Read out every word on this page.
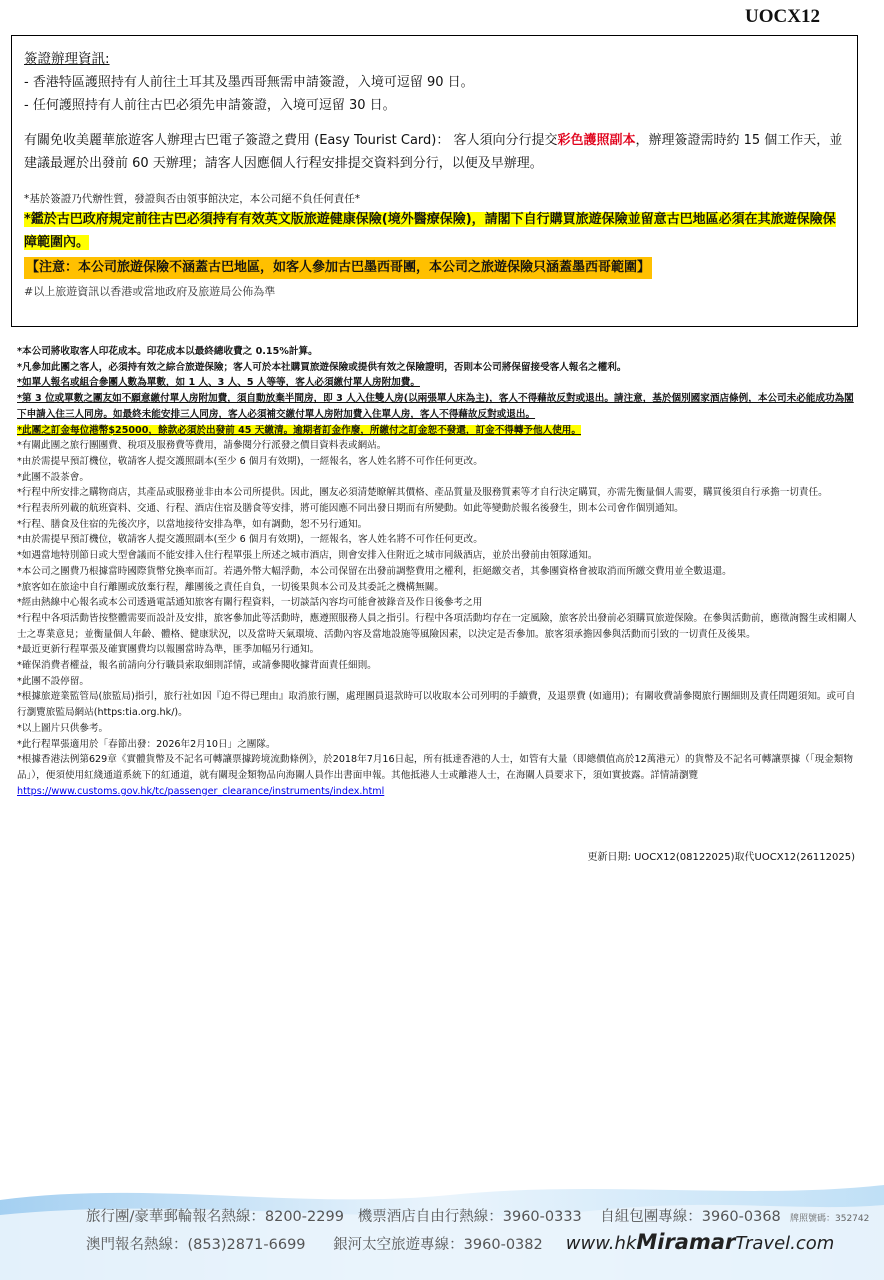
UOCX12
簽證辦理資訊:
- 香港特區護照持有人前往土耳其及墨西哥無需申請簽證，入境可逗留 90 日。
- 任何護照持有人前往古巴必須先申請簽證，入境可逗留 30 日。
有關免收美麗華旅遊客人辦理古巴電子簽證之費用 (Easy Tourist Card)： 客人須向分行提交彩色護照副本，辦理簽證需時約 15 個工作天，並建議最遲於出發前 60 天辦理；請客人因應個人行程安排提交資料到分行，以便及早辦理。
*基於簽證乃代辦性質，發證與否由領事館決定，本公司絕不負任何責任*
*鑑於古巴政府規定前往古巴必須持有有效英文版旅遊健康保險(境外醫療保險)，請閣下自行購買旅遊保險並留意古巴地區必須在其旅遊保險保障範圍內。
【注意：本公司旅遊保險不涵蓋古巴地區，如客人參加古巴墨西哥團，本公司之旅遊保險只涵蓋墨西哥範圍】
#以上旅遊資訊以香港或當地政府及旅遊局公佈為準

*本公司將收取客人印花成本。印花成本以最終總收費之 0.15%計算。

*凡參加此團之客人，必須持有效之綜合旅遊保險；客人可於本社購買旅遊保險或提供有效之保險證明，否則本公司將保留接受客人報名之權利。

*如單人報名或組合參團人數為單數，如 1 人、3 人、5 人等等，客人必須繳付單人房附加費。

*第 3 位或單數之團友如不願意繳付單人房附加費，須自動放棄半間房，即 3 人入住雙人房(以兩張單人床為主)，客人不得藉故反對或退出。請注意，基於個別國家酒店條例，本公司未必能成功為閣下申請入住三人同房。如最終未能安排三人同房，客人必須補交繳付單人房附加費入住單人房，客人不得藉故反對或退出。

*此團之訂金每位港幣$25000，餘款必須於出發前 45 天繳清。逾期者訂金作廢，所繳付之訂金恕不發還，訂金不得轉予他人使用。

*有關此團之旅行團團費、稅項及服務費等費用，請參閱分行派發之價目資料表或網站。

*由於需提早預訂機位，敬請客人提交護照副本(至少 6 個月有效期)，一經報名，客人姓名將不可作任何更改。

*此團不設茶會。

*行程中所安排之購物商店，其產品或服務並非由本公司所提供。因此，團友必須清楚瞭解其價格、產品質量及服務質素等才自行決定購買，亦需先衡量個人需要，購買後須自行承擔一切責任。

*行程表所列載的航班資料、交通、行程、酒店住宿及膳食等安排，將可能因應不同出發日期而有所變動。如此等變動於報名後發生，則本公司會作個別通知。

*行程、膳食及住宿的先後次序，以當地接待安排為準，如有調動，恕不另行通知。

*由於需提早預訂機位，敬請客人提交護照副本(至少 6 個月有效期)，一經報名，客人姓名將不可作任何更改。

*如遇當地特別節日或大型會議而不能安排入住行程單張上所述之城市酒店，則會安排入住附近之城市同級酒店，並於出發前由領隊通知。

*本公司之團費乃根據當時國際貨幣兌換率而訂。若遇外幣大幅浮動，本公司保留在出發前調整費用之權利，拒絕繳交者，其參團資格會被取消而所繳交費用並全數退還。

*旅客如在旅途中自行離團或放棄行程，離團後之責任自負，一切後果與本公司及其委託之機構無關。

*經由熱線中心報名或本公司透過電話通知旅客有關行程資料，一切談話內容均可能會被錄音及作日後參考之用

*行程中各項活動皆按整體需要而設計及安排，旅客參加此等活動時，應遵照服務人員之指引。行程中各項活動均存在一定風險，旅客於出發前必須購買旅遊保險。在參與活動前，應徵詢醫生或相關人士之專業意見；並衡量個人年齡、體格、健康狀況，以及當時天氣環境、活動內容及當地設施等風險因素，以決定是否參加。旅客須承擔因參與活動而引致的一切責任及後果。

*最近更新行程單張及確實團費均以報團當時為準，匪季加幅另行通知。

*確保消費者權益，報名前請向分行職員索取細則詳情，或請參閱收據背面責任細則。

*此團不設停留。

*根據旅遊業監管局(旅監局)指引，旅行社如因『迫不得已理由』取消旅行團，處理團員退款時可以收取本公司列明的手續費，及退票費 (如適用)；有關收費請參閱旅行團細則及責任問題須知。或可自行瀏覽旅監局網站(https:tia.org.hk/)。

*以上圖片只供參考。

*此行程單張適用於「春節出發：2026年2月10日」之團隊。

*根據香港法例第629章《實體貨幣及不記名可轉讓票據跨境流動條例》，於2018年7月16日起，所有抵達香港的人士，如管有大量（即總價值高於12萬港元）的貨幣及不記名可轉讓票據（「現金類物品」），便須使用紅綫通道系統下的紅通道，就有關現金類物品向海關人員作出書面申報。其他抵港人士或離港人士，在海關人員要求下，須如實披露。詳情請瀏覽https://www.customs.gov.hk/tc/passenger_clearance/instruments/index.html

更新日期: UOCX12(08122025)取代UOCX12(26112025)
旅行團/豪華郵輪報名熱線：8200-2299 機票酒店自由行熱線：3960-0333 自組包團專線：3960-0368 牌照號碼：352742
澳門報名熱線：(853)2871-6699 銀河太空旅遊專線：3960-0382 www.hkMiramarTravel.com
